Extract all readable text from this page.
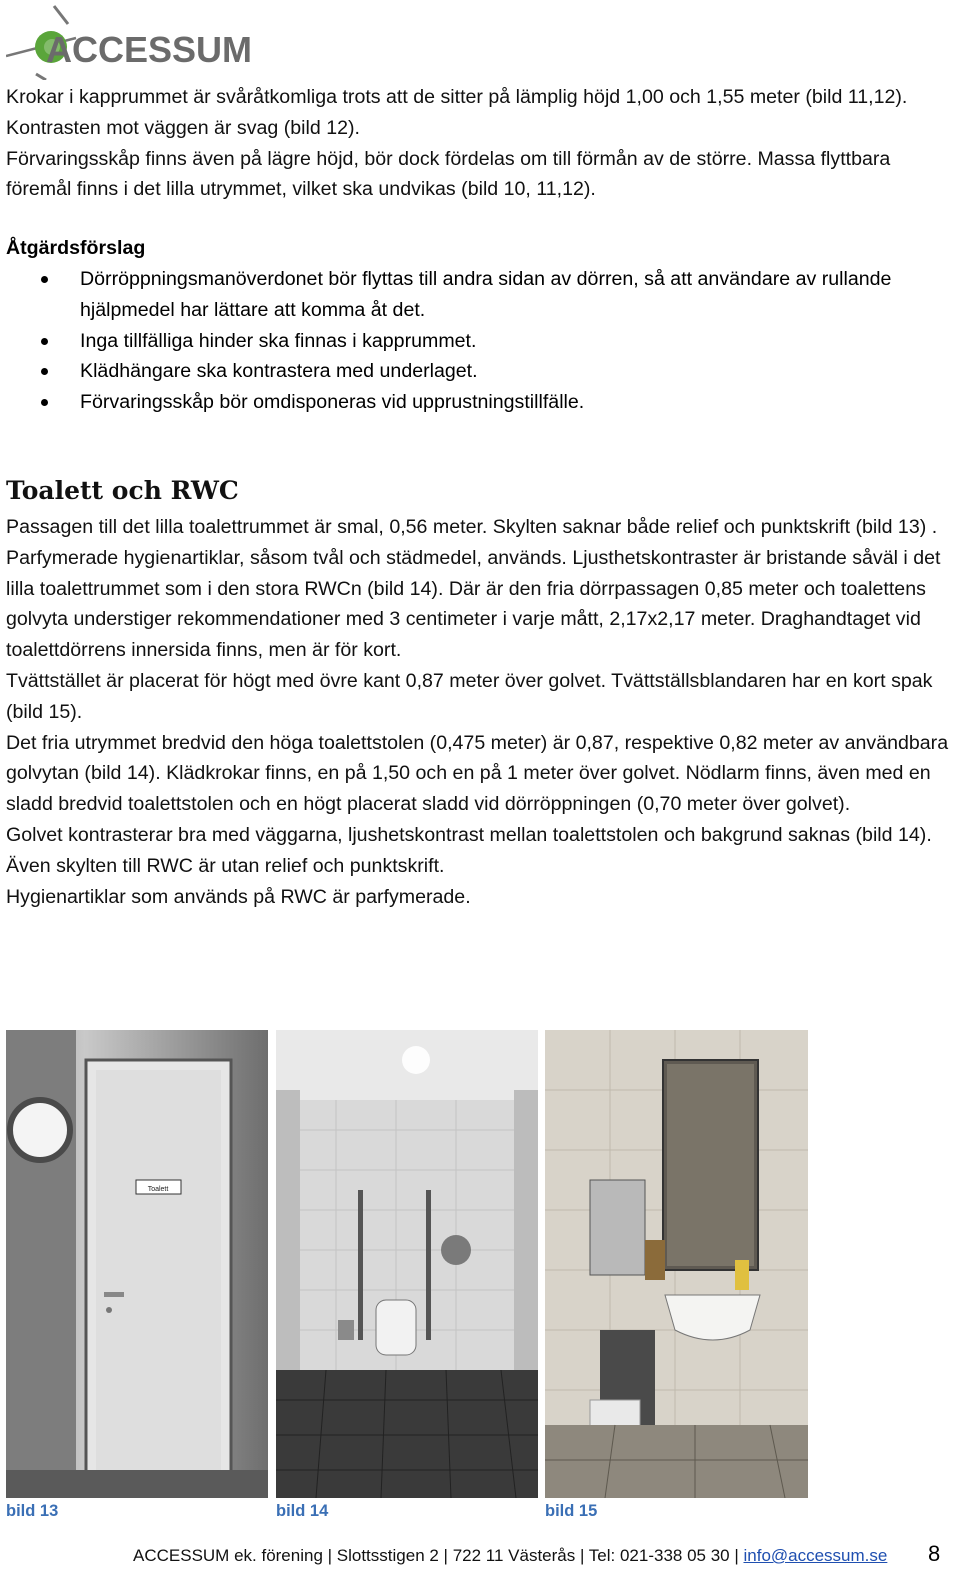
ACCESSUM

Krokar i kapprummet är svåråtkomliga trots att de sitter på lämplig höjd 1,00 och 1,55 meter (bild 11,12). Kontrasten mot väggen är svag (bild 12).

Förvaringsskåp finns även på lägre höjd, bör dock fördelas om till förmån av de större. Massa flyttbara föremål finns i det lilla utrymmet, vilket ska undvikas (bild 10, 11,12).

Åtgärdsförslag
Dörröppningsmanöverdonet bör flyttas till andra sidan av dörren, så att användare av rullande hjälpmedel har lättare att komma åt det.
Inga tillfälliga hinder ska finnas i kapprummet.
Klädhängare ska kontrastera med underlaget.
Förvaringsskåp bör omdisponeras vid upprustningstillfälle.
Toalett och RWC

Passagen till det lilla toalettrummet är smal, 0,56 meter. Skylten saknar både relief och punktskrift (bild 13) . Parfymerade hygienartiklar, såsom tvål och städmedel, används. Ljusthetskontraster är bristande såväl i det lilla toalettrummet som i den stora RWCn (bild 14). Där är den fria dörrpassagen 0,85 meter och toalettens golvyta understiger rekommendationer med 3 centimeter i varje mått, 2,17x2,17 meter. Draghandtaget vid toalettdörrens innersida finns, men är för kort.

Tvättstället är placerat för högt med övre kant 0,87 meter över golvet. Tvättställsblandaren har en kort spak (bild 15).

Det fria utrymmet bredvid den höga toalettstolen (0,475 meter) är 0,87, respektive 0,82 meter av användbara golvytan (bild 14). Klädkrokar finns, en på 1,50 och en på 1 meter över golvet. Nödlarm finns, även med en sladd bredvid toalettstolen och en högt placerat sladd vid dörröppningen (0,70 meter över golvet).

Golvet kontrasterar bra med väggarna, ljushetskontrast mellan toalettstolen och bakgrund saknas (bild 14).

Även skylten till RWC är utan relief och punktskrift.

Hygienartiklar som används på RWC är parfymerade.

Toalett
bild 13	bild 14	bild 15
ACCESSUM ek. förening | Slottsstigen 2 | 722 11 Västerås | Tel: 021-338 05 30 | info@accessum.se 8
